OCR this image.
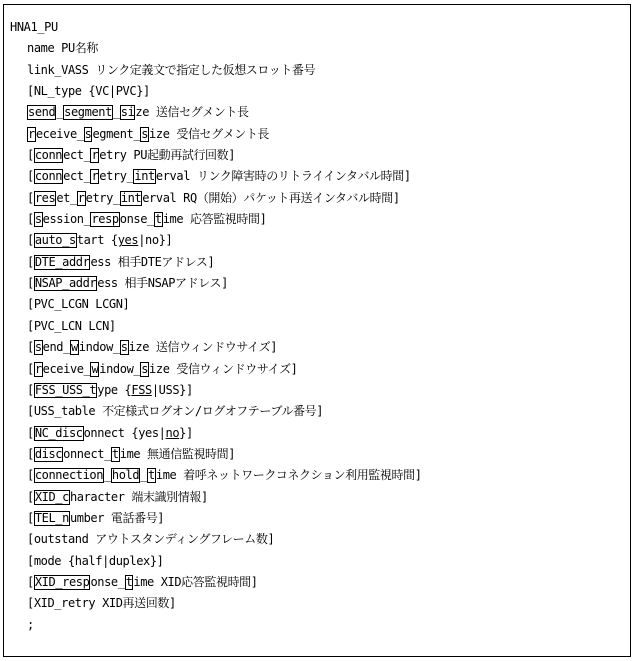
HNA1_PU
name PU名称
link_VASS リンク定義文で指定した仮想スロット番号
[NL_type {VC|PVC}]
send_segment_size 送信セグメント長
receive_segment_size 受信セグメント長
[connect_retry PU起動再試行回数]
[connect_retry_interval リンク障害時のリトライインタバル時間]
[reset_retry_interval RQ（開始）パケット再送インタバル時間]
[session_response_time 応答監視時間]
[auto_start {yes|no}]
[DTE_address 相手DTEアドレス]
[NSAP_address 相手NSAPアドレス]
[PVC_LCGN LCGN]
[PVC_LCN LCN]
[send_window_size 送信ウィンドウサイズ]
[receive_window_size 受信ウィンドウサイズ]
[FSS_USS_type {FSS|USS}]
[USS_table 不定様式ログオン/ログオフテーブル番号]
[NC_disconnect {yes|no}]
[disconnect_time 無通信監視時間]
[connection_hold_time 着呼ネットワークコネクション利用監視時間]
[XID_character 端末識別情報]
[TEL_number 電話番号]
[outstand アウトスタンディングフレーム数]
[mode {half|duplex}]
[XID_response_time XID応答監視時間]
[XID_retry XID再送回数]
;
